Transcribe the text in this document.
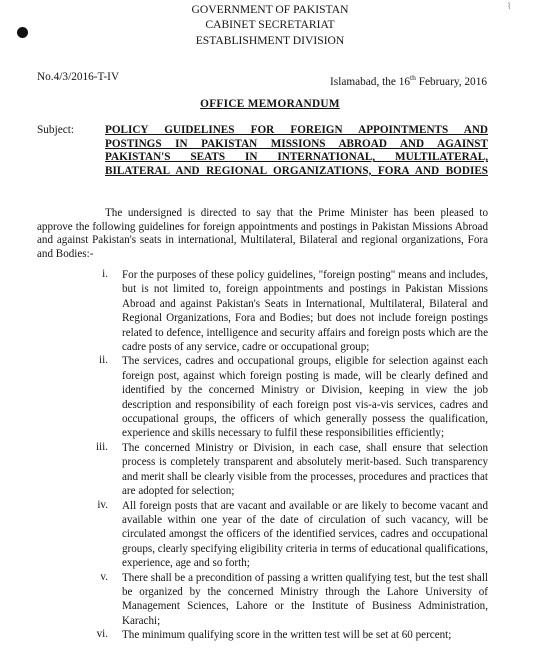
⌇
GOVERNMENT OF PAKISTAN
CABINET SECRETARIAT
ESTABLISHMENT DIVISION
No.4/3/2016-T-IV	Islamabad, the 16th February, 2016
OFFICE MEMORANDUM
Subject:	POLICY GUIDELINES FOR FOREIGN APPOINTMENTS AND
POSTINGS IN PAKISTAN MISSIONS ABROAD AND AGAINST
PAKISTAN'S SEATS IN INTERNATIONAL, MULTILATERAL,
BILATERAL AND REGIONAL ORGANIZATIONS, FORA AND BODIES
The undersigned is directed to say that the Prime Minister has been pleased to approve the following guidelines for foreign appointments and postings in Pakistan Missions Abroad and against Pakistan's seats in international, Multilateral, Bilateral and regional organizations, Fora and Bodies:-
i. For the purposes of these policy guidelines, "foreign posting" means and includes, but is not limited to, foreign appointments and postings in Pakistan Missions Abroad and against Pakistan's Seats in International, Multilateral, Bilateral and Regional Organizations, Fora and Bodies; but does not include foreign postings related to defence, intelligence and security affairs and foreign posts which are the cadre posts of any service, cadre or occupational group;
ii. The services, cadres and occupational groups, eligible for selection against each foreign post, against which foreign posting is made, will be clearly defined and identified by the concerned Ministry or Division, keeping in view the job description and responsibility of each foreign post vis-a-vis services, cadres and occupational groups, the officers of which generally possess the qualification, experience and skills necessary to fulfil these responsibilities efficiently;
iii. The concerned Ministry or Division, in each case, shall ensure that selection process is completely transparent and absolutely merit-based. Such transparency and merit shall be clearly visible from the processes, procedures and practices that are adopted for selection;
iv. All foreign posts that are vacant and available or are likely to become vacant and available within one year of the date of circulation of such vacancy, will be circulated amongst the officers of the identified services, cadres and occupational groups, clearly specifying eligibility criteria in terms of educational qualifications, experience, age and so forth;
v. There shall be a precondition of passing a written qualifying test, but the test shall be organized by the concerned Ministry through the Lahore University of Management Sciences, Lahore or the Institute of Business Administration, Karachi;
vi. The minimum qualifying score in the written test will be set at 60 percent;
